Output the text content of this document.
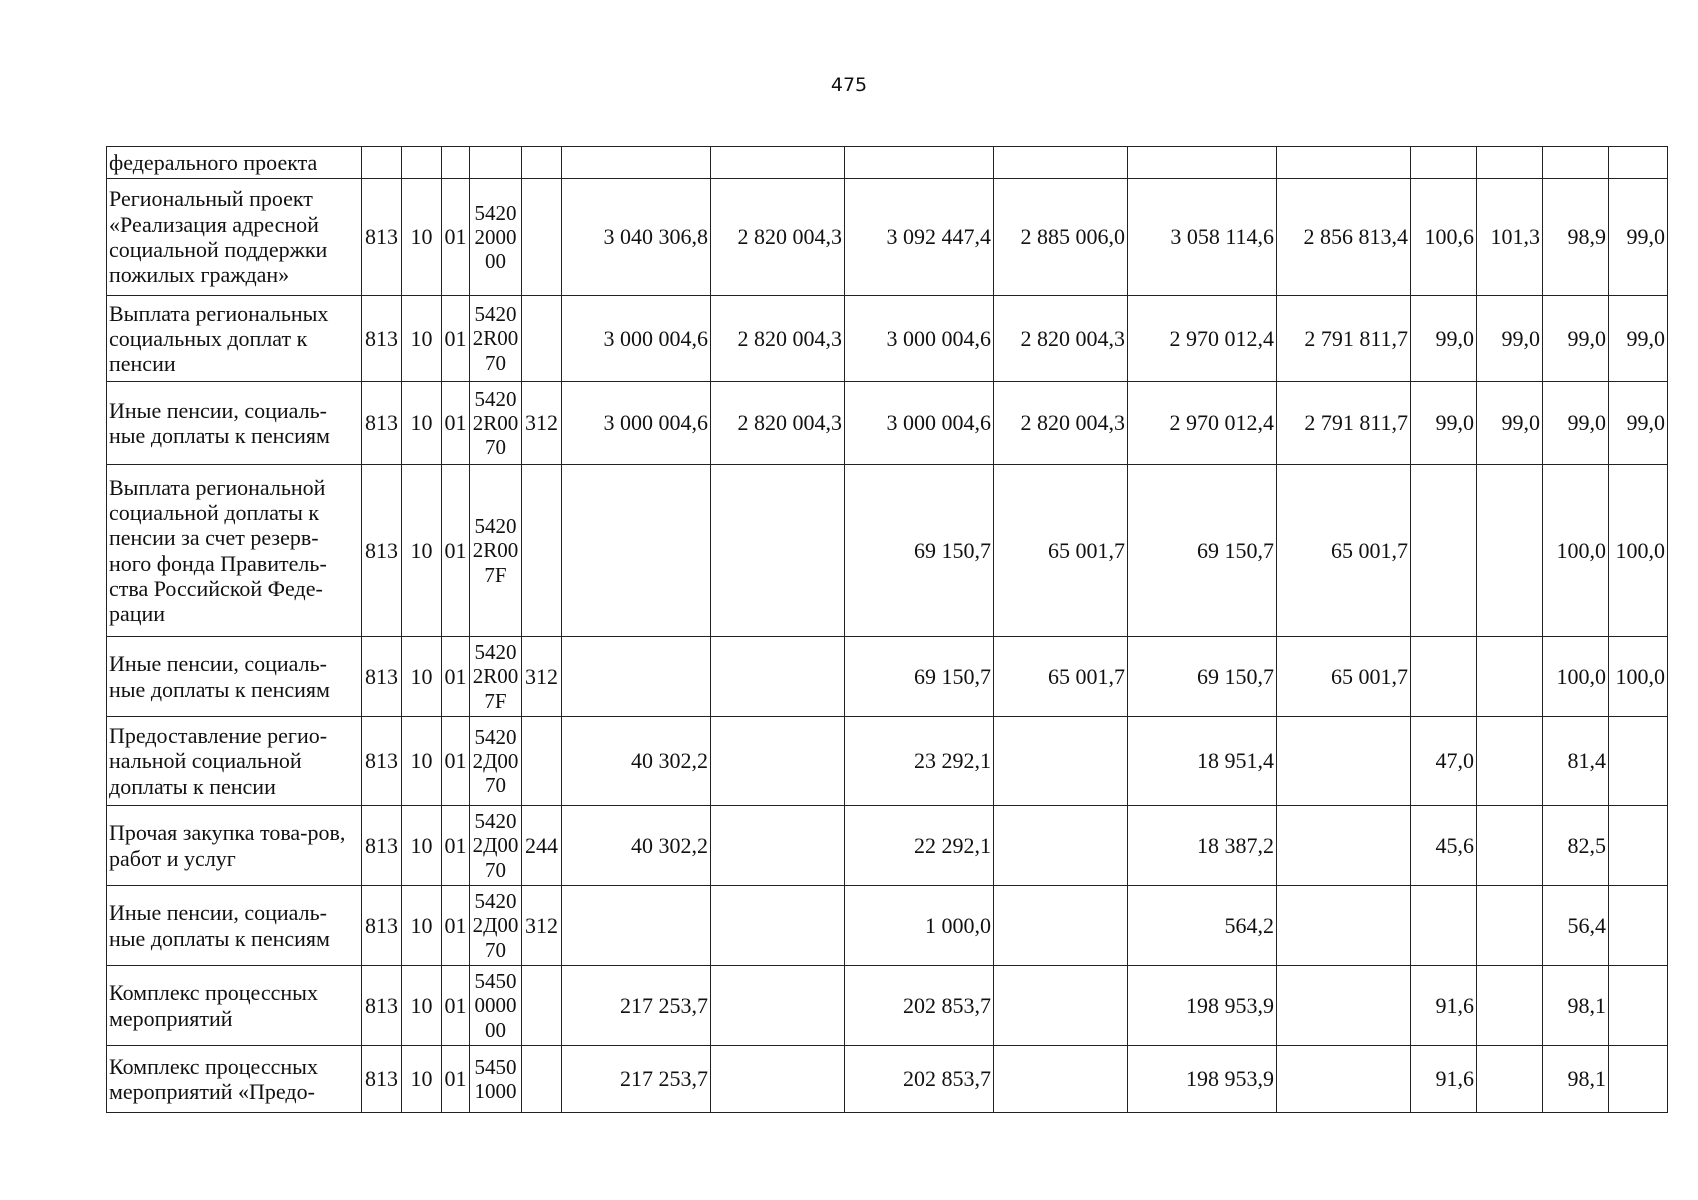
475
федерального проекта															
Региональный проект «Реализация адресной социальной поддержки пожилых граждан»	813	10	01	5420 2000 00		3 040 306,8	2 820 004,3	3 092 447,4	2 885 006,0	3 058 114,6	2 856 813,4	100,6	101,3	98,9	99,0
Выплата региональных социальных доплат к пенсии	813	10	01	5420 2R00 70		3 000 004,6	2 820 004,3	3 000 004,6	2 820 004,3	2 970 012,4	2 791 811,7	99,0	99,0	99,0	99,0
Иные пенсии, социаль-ные доплаты к пенсиям	813	10	01	5420 2R00 70	312	3 000 004,6	2 820 004,3	3 000 004,6	2 820 004,3	2 970 012,4	2 791 811,7	99,0	99,0	99,0	99,0
Выплата региональной социальной доплаты к пенсии за счет резерв-ного фонда Правитель-ства Российской Феде-рации	813	10	01	5420 2R00 7F				69 150,7	65 001,7	69 150,7	65 001,7			100,0	100,0
Иные пенсии, социаль-ные доплаты к пенсиям	813	10	01	5420 2R00 7F	312			69 150,7	65 001,7	69 150,7	65 001,7			100,0	100,0
Предоставление регио-нальной социальной доплаты к пенсии	813	10	01	5420 2Д00 70		40 302,2		23 292,1		18 951,4		47,0		81,4	
Прочая закупка това-ров, работ и услуг	813	10	01	5420 2Д00 70	244	40 302,2		22 292,1		18 387,2		45,6		82,5	
Иные пенсии, социаль-ные доплаты к пенсиям	813	10	01	5420 2Д00 70	312			1 000,0		564,2				56,4	
Комплекс процессных мероприятий	813	10	01	5450 0000 00		217 253,7		202 853,7		198 953,9		91,6		98,1	
Комплекс процессных мероприятий «Предо-	813	10	01	5450 1000		217 253,7		202 853,7		198 953,9		91,6		98,1	
